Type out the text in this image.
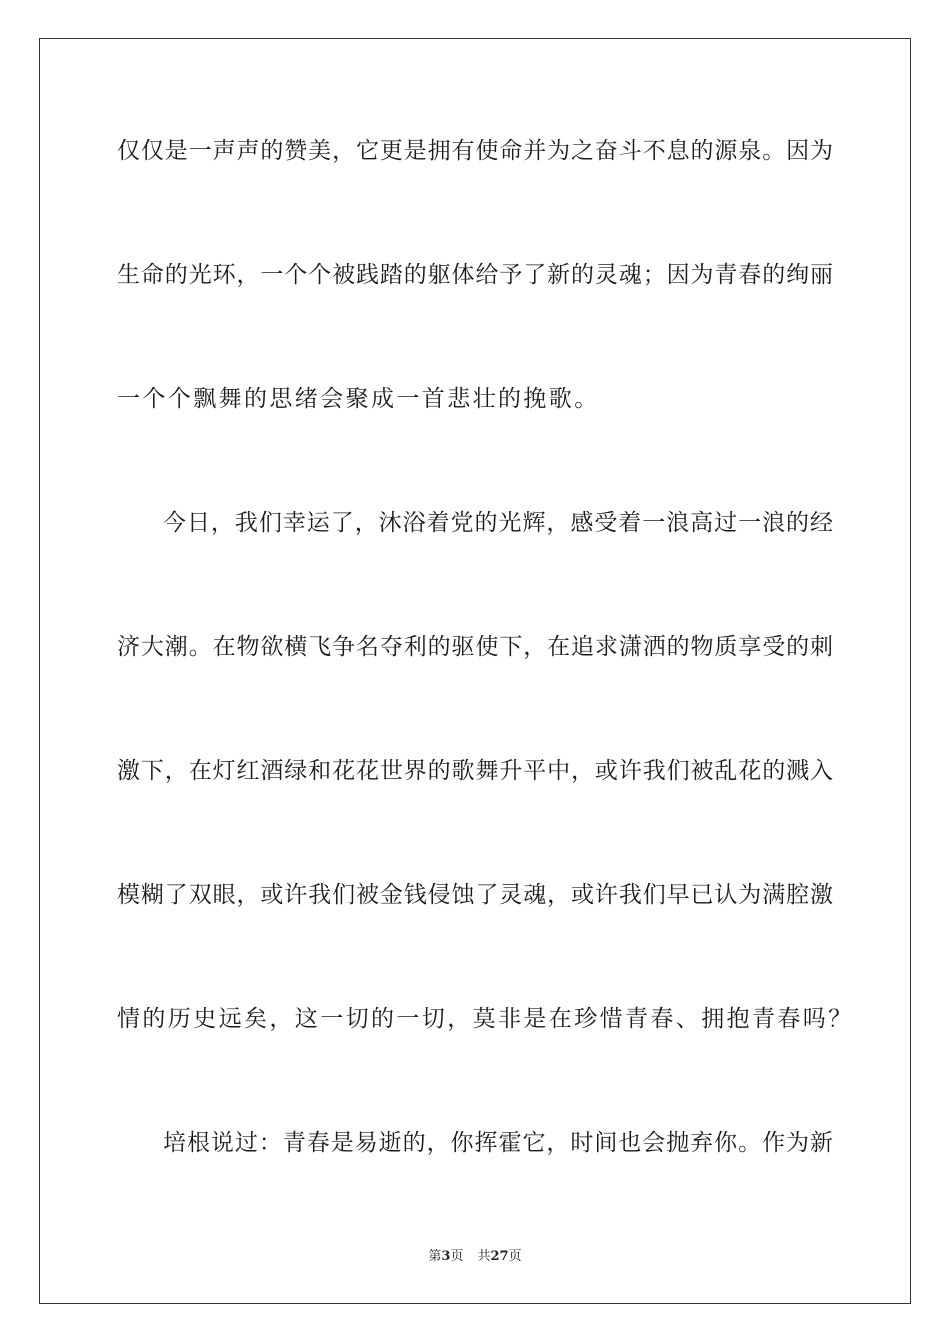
仅仅是一声声的赞美，它更是拥有使命并为之奋斗不息的源泉。因为
生命的光环，一个个被践踏的躯体给予了新的灵魂；因为青春的绚丽
一个个飘舞的思绪会聚成一首悲壮的挽歌。
今日，我们幸运了，沐浴着党的光辉，感受着一浪高过一浪的经
济大潮。在物欲横飞争名夺利的驱使下，在追求潇洒的物质享受的刺
激下，在灯红酒绿和花花世界的歌舞升平中，或许我们被乱花的溅入
模糊了双眼，或许我们被金钱侵蚀了灵魂，或许我们早已认为满腔激
情的历史远矣，这一切的一切，莫非是在珍惜青春、拥抱青春吗？
培根说过：青春是易逝的，你挥霍它，时间也会抛弃你。作为新
第3页 共27页
